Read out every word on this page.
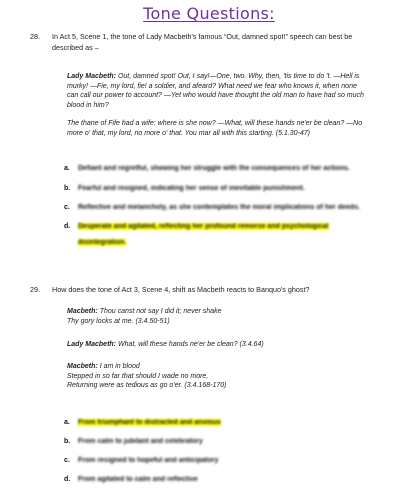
Tone Questions:
28. In Act 5, Scene 1, the tone of Lady Macbeth's famous “Out, damned spot!” speech can best be
described as –
Lady Macbeth: Out, damned spot! Out, I say!—One, two. Why, then, 'tis time to do 't. —Hell is
murky! —Fie, my lord, fie! a soldier, and afeard? What need we fear who knows it, when none
can call our power to account? —Yet who would have thought the old man to have had so much
blood in him?
The thane of Fife had a wife: where is she now? —What, will these hands ne'er be clean? —No
more o' that, my lord, no more o' that. You mar all with this starting. (5.1.30-47)
a. Defiant and regretful, showing her struggle with the consequences of her actions.
b. Fearful and resigned, indicating her sense of inevitable punishment.
c. Reflective and melancholy, as she contemplates the moral implications of her deeds.
d. Desperate and agitated, reflecting her profound remorse and psychological
disintegration.
29. How does the tone of Act 3, Scene 4, shift as Macbeth reacts to Banquo's ghost?
Macbeth: Thou canst not say I did it; never shake
Thy gory locks at me. (3.4.50-51)
Lady Macbeth: What, will these hands ne'er be clean? (3.4.64)
Macbeth: I am in blood
Stepped in so far that should I wade no more,
Returning were as tedious as go o'er. (3.4.168-170)
a. From triumphant to distracted and anxious
b. From calm to jubilant and celebratory
c. From resigned to hopeful and anticipatory
d. From agitated to calm and reflective
